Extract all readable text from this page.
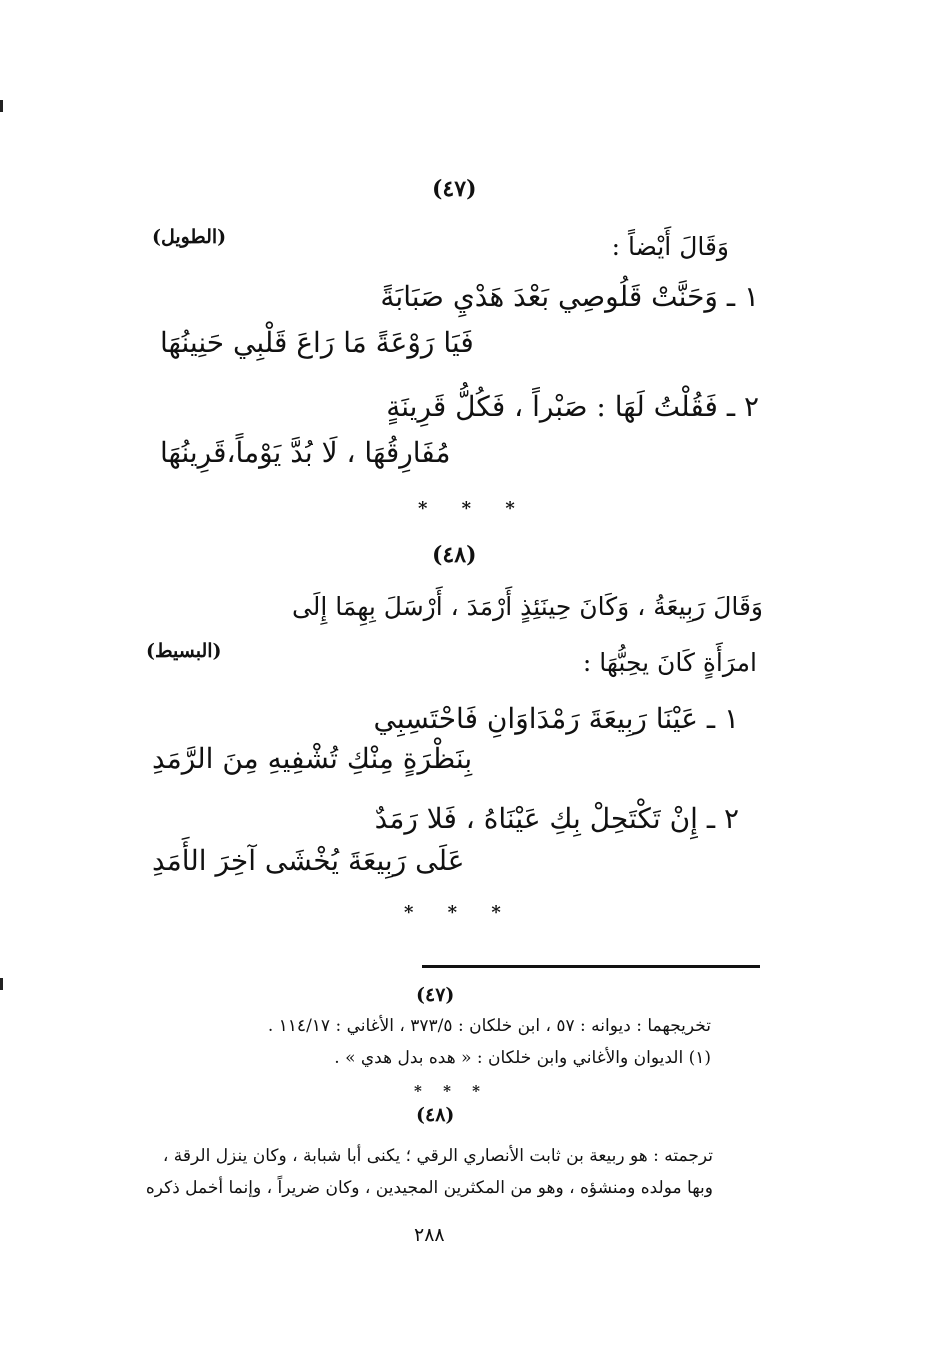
(٤٧)
(الطويل)	وَقَالَ أَيْضاً :
١ ـ وَحَنَّتْ قَلُوصِي بَعْدَ هَدْيِ صَبَابَةً
فَيَا رَوْعَةً مَا رَاعَ قَلْبِي حَنِينُهَا
٢ ـ فَقُلْتُ لَهَا : صَبْراً ، فَكُلُّ قَرِينَةٍ
مُفَارِقُهَا ، لَا بُدَّ يَوْماً،قَرِينُهَا
* * *
(٤٨)
وَقَالَ رَبِيعَةُ ، وَكَانَ حِينَئِذٍ أَرْمَدَ ، أَرْسَلَ بِهِمَا إِلَى
(البسيط)	امرَأَةٍ كَانَ يحِبُّهَا :
١ ـ عَيْنَا رَبِيعَةَ رَمْدَاوَانِ فَاحْتَسِبِي
بِنَظْرَةٍ مِنْكِ تُشْفِيهِ مِنَ الرَّمَدِ
٢ ـ إِنْ تَكْتَحِلْ بِكِ عَيْنَاهُ ، فَلا رَمَدٌ
عَلَى رَبِيعَةَ يُخْشَى آخِرَ الأَمَدِ
* * *
(٤٧)
تخريجهما : ديوانه : ٥٧ ، ابن خلكان : ٣٧٣/٥ ، الأغاني : ١١٤/١٧ .
(١) الديوان والأغاني وابن خلكان : « هده بدل هدي » .
* * *
(٤٨)
ترجمته : هو ربيعة بن ثابت الأنصاري الرقي ؛ يكنى أبا شبابة ، وكان ينزل الرقة ،
وبها مولده ومنشؤه ، وهو من المكثرين المجيدين ، وكان ضريراً ، وإنما أخمل ذكره
٢٨٨
